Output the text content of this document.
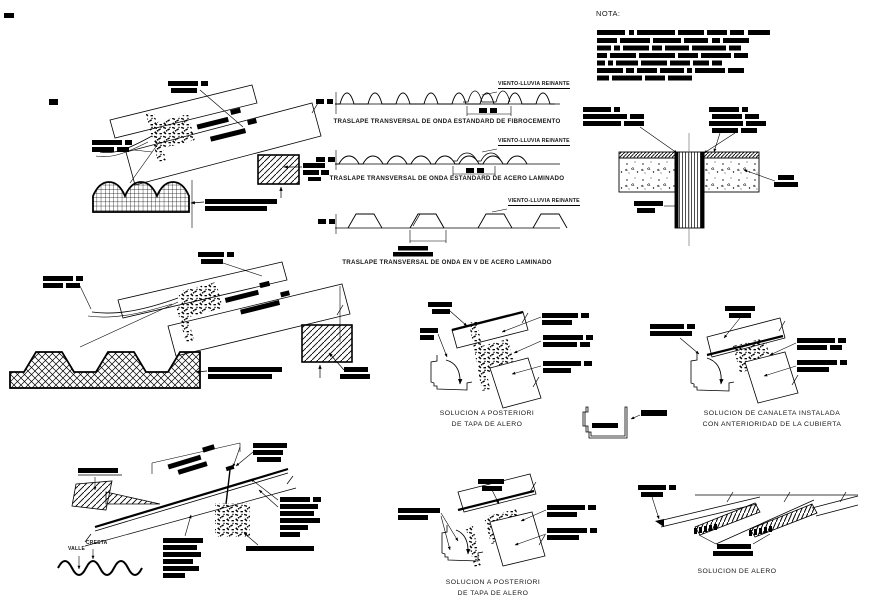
NOTA:
VIENTO-LLUVIA REINANTE
VIENTO-LLUVIA REINANTE
VIENTO-LLUVIA REINANTE
TRASLAPE TRANSVERSAL DE ONDA ESTANDARD DE FIBROCEMENTO
TRASLAPE TRANSVERSAL DE ONDA ESTANDARD DE ACERO LAMINADO
TRASLAPE TRANSVERSAL DE ONDA EN V DE ACERO LAMINADO
SOLUCION A POSTERIORI
DE TAPA DE ALERO
SOLUCION DE CANALETA INSTALADA
CON ANTERIORIDAD DE LA CUBIERTA
SOLUCION A POSTERIORI
DE TAPA DE ALERO
SOLUCION DE ALERO
VALLE
CRESTA
